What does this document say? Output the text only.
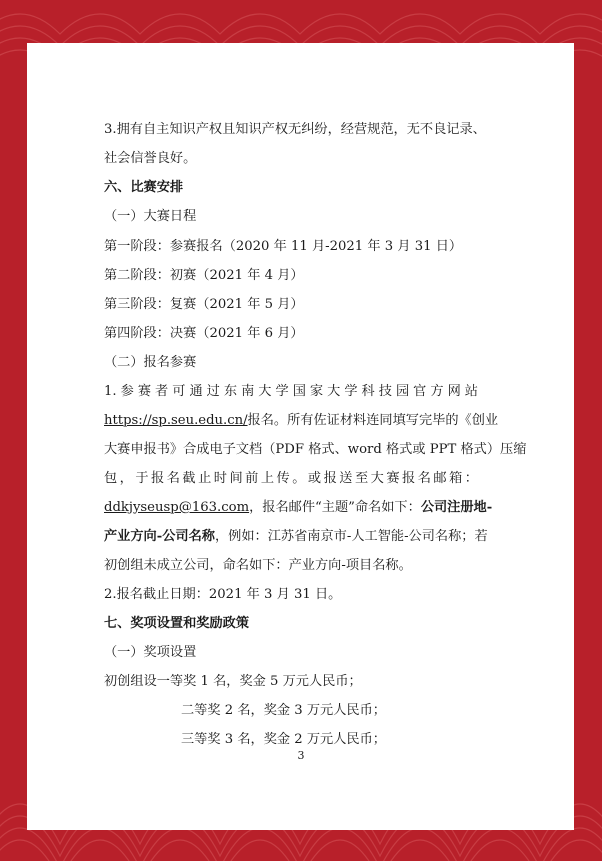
3.拥有自主知识产权且知识产权无纠纷，经营规范，无不良记录、
社会信誉良好。
六、比赛安排
（一）大赛日程
第一阶段：参赛报名（2020 年 11 月-2021 年 3 月 31 日）
第二阶段：初赛（2021 年 4 月）
第三阶段：复赛（2021 年 5 月）
第四阶段：决赛（2021 年 6 月）
（二）报名参赛
1.参赛者可通过东南大学国家大学科技园官方网站
https://sp.seu.edu.cn/报名。所有佐证材料连同填写完毕的《创业
大赛申报书》合成电子文档（PDF 格式、word 格式或 PPT 格式）压缩
包，于报名截止时间前上传。或报送至大赛报名邮箱：
ddkjyseusp@163.com，报名邮件“主题”命名如下：公司注册地-
产业方向-公司名称，例如：江苏省南京市-人工智能-公司名称；若
初创组未成立公司，命名如下：产业方向-项目名称。
2.报名截止日期：2021 年 3 月 31 日。
七、奖项设置和奖励政策
（一）奖项设置
初创组设一等奖 1 名，奖金 5 万元人民币；
二等奖 2 名，奖金 3 万元人民币；
三等奖 3 名，奖金 2 万元人民币；
3
